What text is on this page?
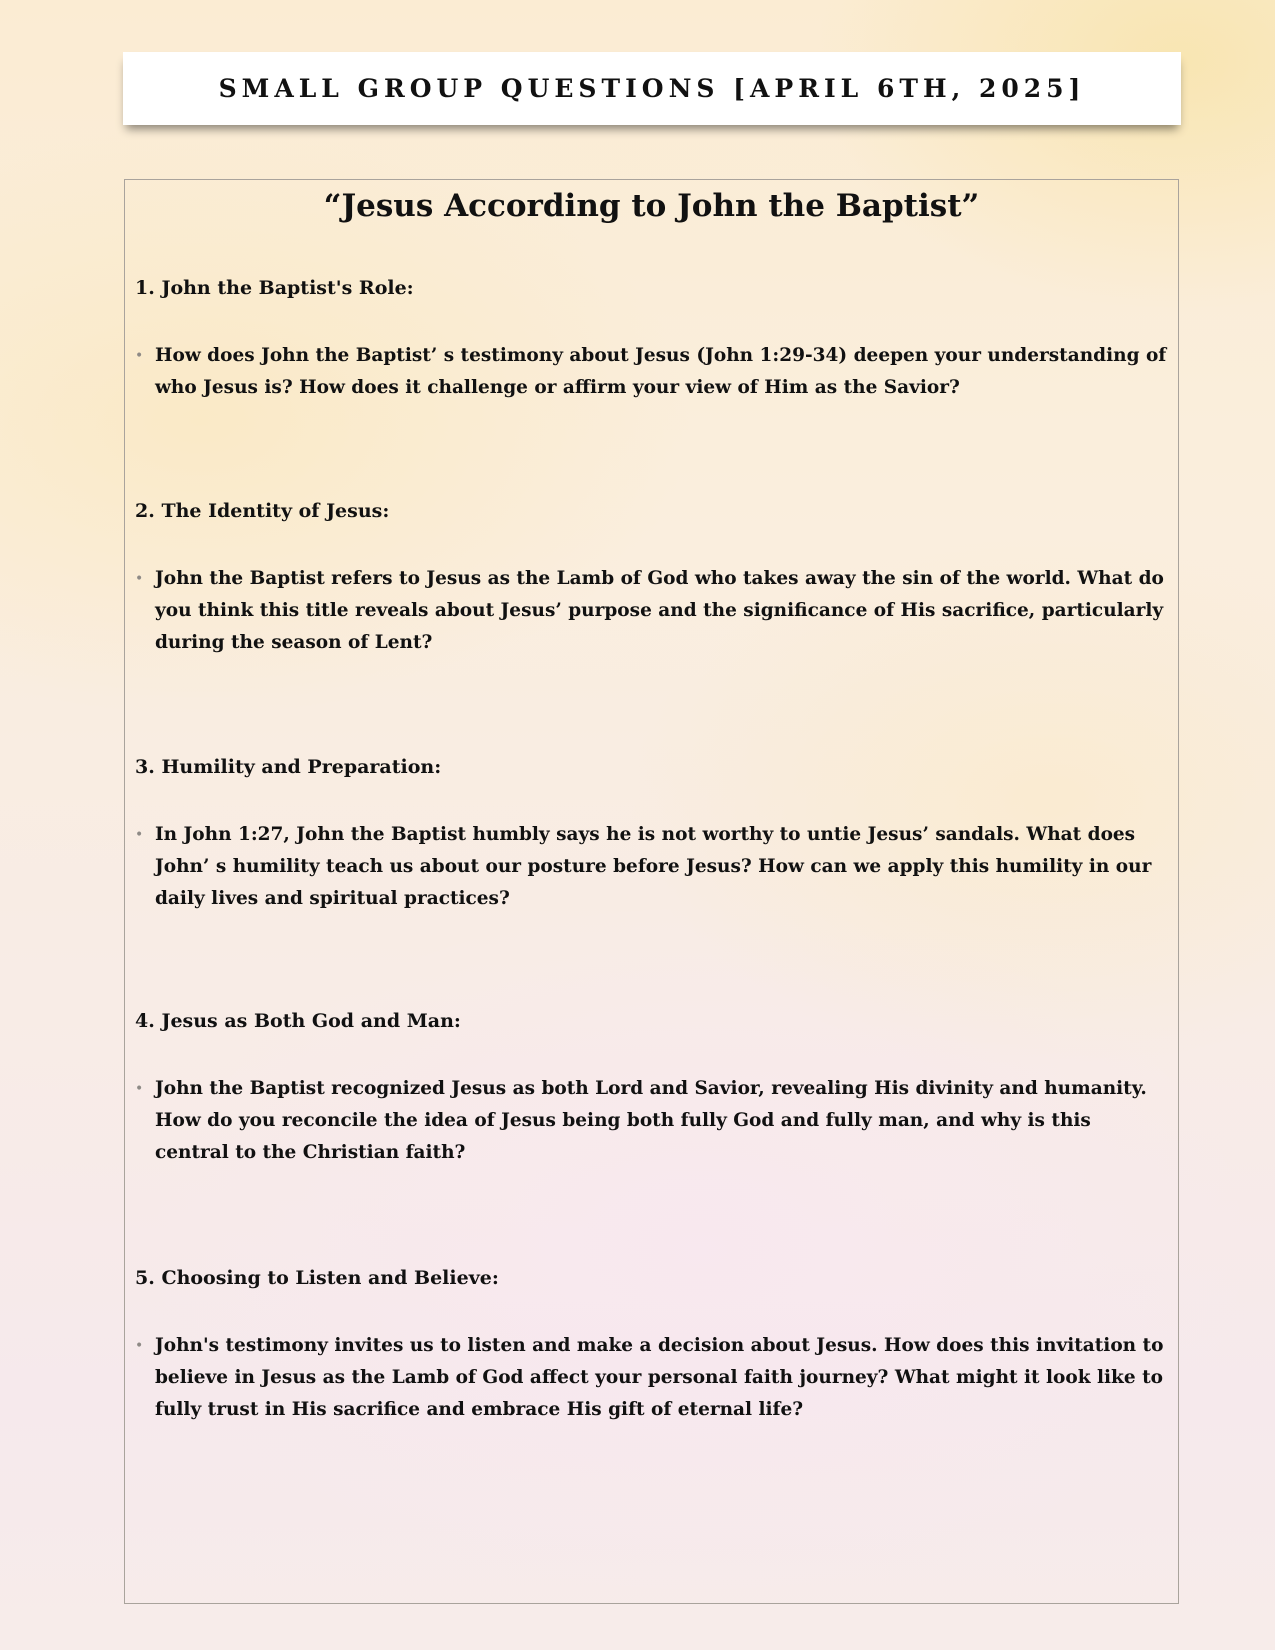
SMALL GROUP QUESTIONS [APRIL 6TH, 2025]
“Jesus According to John the Baptist”

1. John the Baptist's Role:

• How does John the Baptist’ s testimony about Jesus (John 1:29-34) deepen your understanding of who Jesus is? How does it challenge or affirm your view of Him as the Savior?

2. The Identity of Jesus:

• John the Baptist refers to Jesus as the Lamb of God who takes away the sin of the world. What do you think this title reveals about Jesus’ purpose and the significance of His sacrifice, particularly during the season of Lent?

3. Humility and Preparation:

• In John 1:27, John the Baptist humbly says he is not worthy to untie Jesus’ sandals. What does John’ s humility teach us about our posture before Jesus? How can we apply this humility in our daily lives and spiritual practices?

4. Jesus as Both God and Man:

• John the Baptist recognized Jesus as both Lord and Savior, revealing His divinity and humanity. How do you reconcile the idea of Jesus being both fully God and fully man, and why is this central to the Christian faith?

5. Choosing to Listen and Believe:

• John's testimony invites us to listen and make a decision about Jesus. How does this invitation to believe in Jesus as the Lamb of God affect your personal faith journey? What might it look like to fully trust in His sacrifice and embrace His gift of eternal life?
